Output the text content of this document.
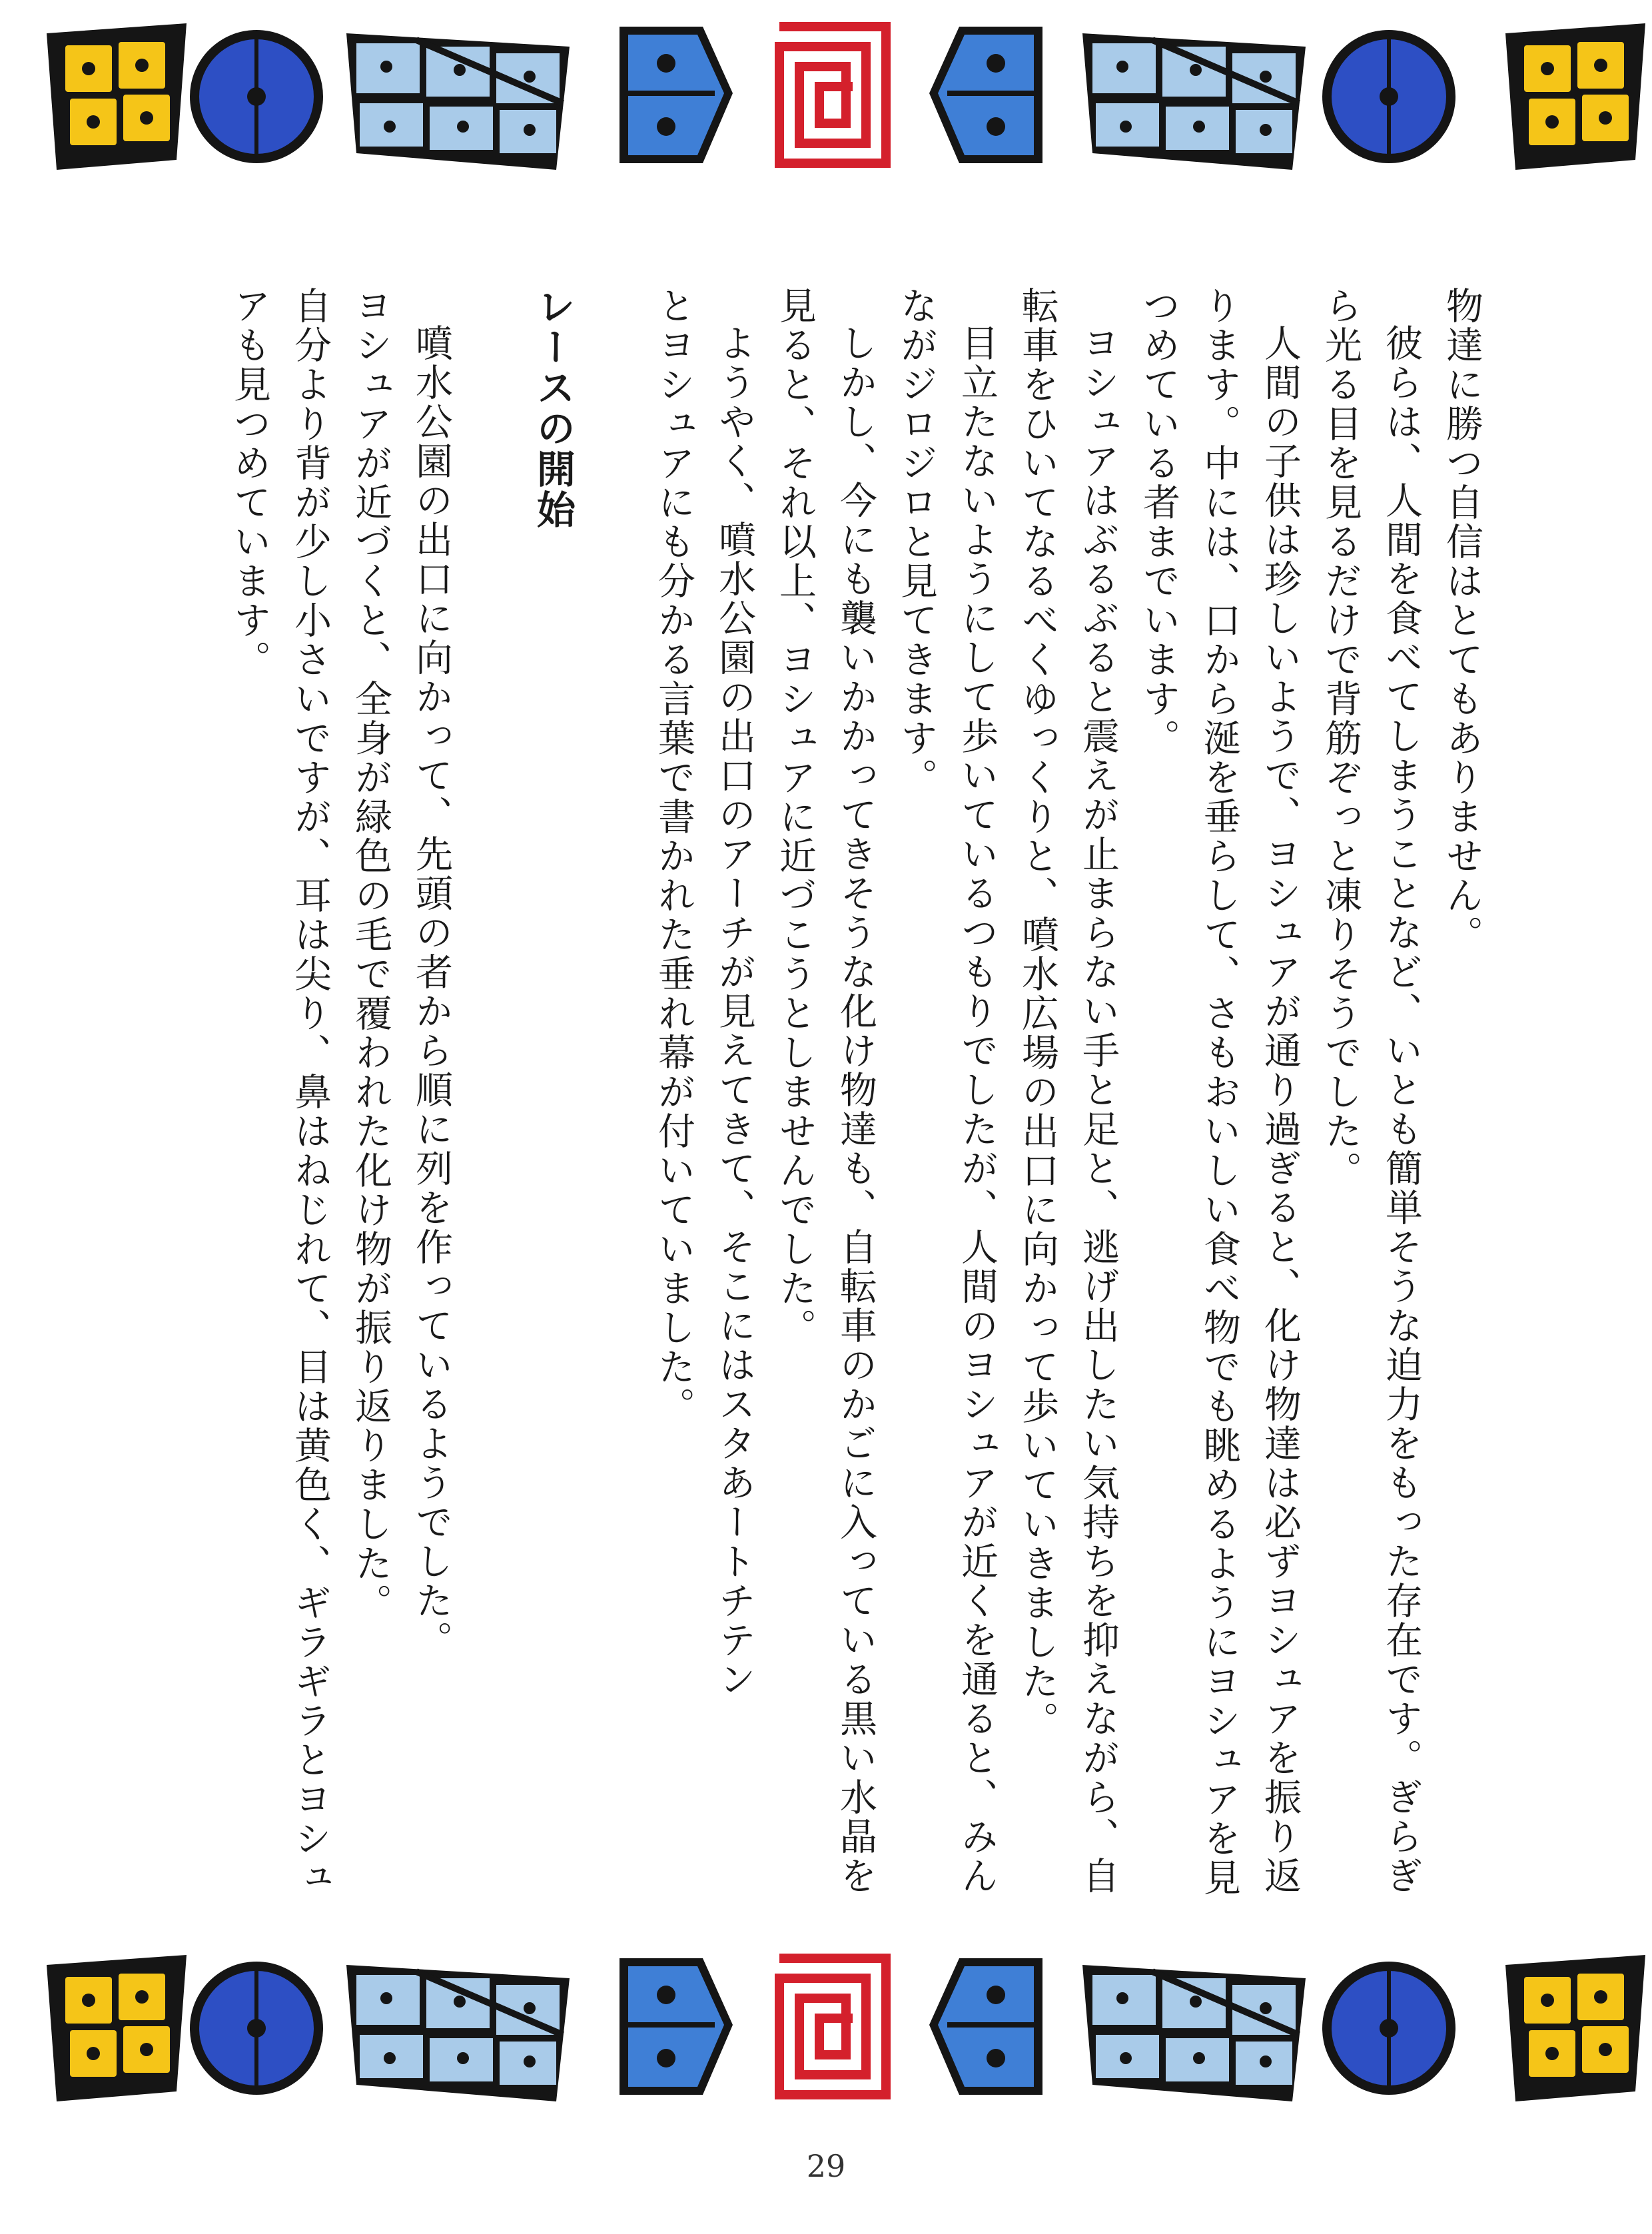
物達に勝つ自信はとてもありません。

彼らは、人間を食べてしまうことなど、いとも簡単そうな迫力をもった存在です。ぎらぎら光る目を見るだけで背筋ぞっと凍りそうでした。

人間の子供は珍しいようで、ヨシュアが通り過ぎると、化け物達は必ずヨシュアを振り返ります。中には、口から涎を垂らして、さもおいしい食べ物でも眺めるようにヨシュアを見つめている者までいます。

ヨシュアはぶるぶると震えが止まらない手と足と、逃げ出したい気持ちを抑えながら、自転車をひいてなるべくゆっくりと、噴水広場の出口に向かって歩いていきました。

目立たないようにして歩いているつもりでしたが、人間のヨシュアが近くを通ると、みんながジロジロと見てきます。

しかし、今にも襲いかかってきそうな化け物達も、自転車のかごに入っている黒い水晶を見ると、それ以上、ヨシュアに近づこうとしませんでした。

ようやく、噴水公園の出口のアーチが見えてきて、そこにはスタあートチテン

とヨシュアにも分かる言葉で書かれた垂れ幕が付いていました。

レースの開始

噴水公園の出口に向かって、先頭の者から順に列を作っているようでした。

ヨシュアが近づくと、全身が緑色の毛で覆われた化け物が振り返りました。

自分より背が少し小さいですが、耳は尖り、鼻はねじれて、目は黄色く、ギラギラとヨシュアも見つめています。

29
